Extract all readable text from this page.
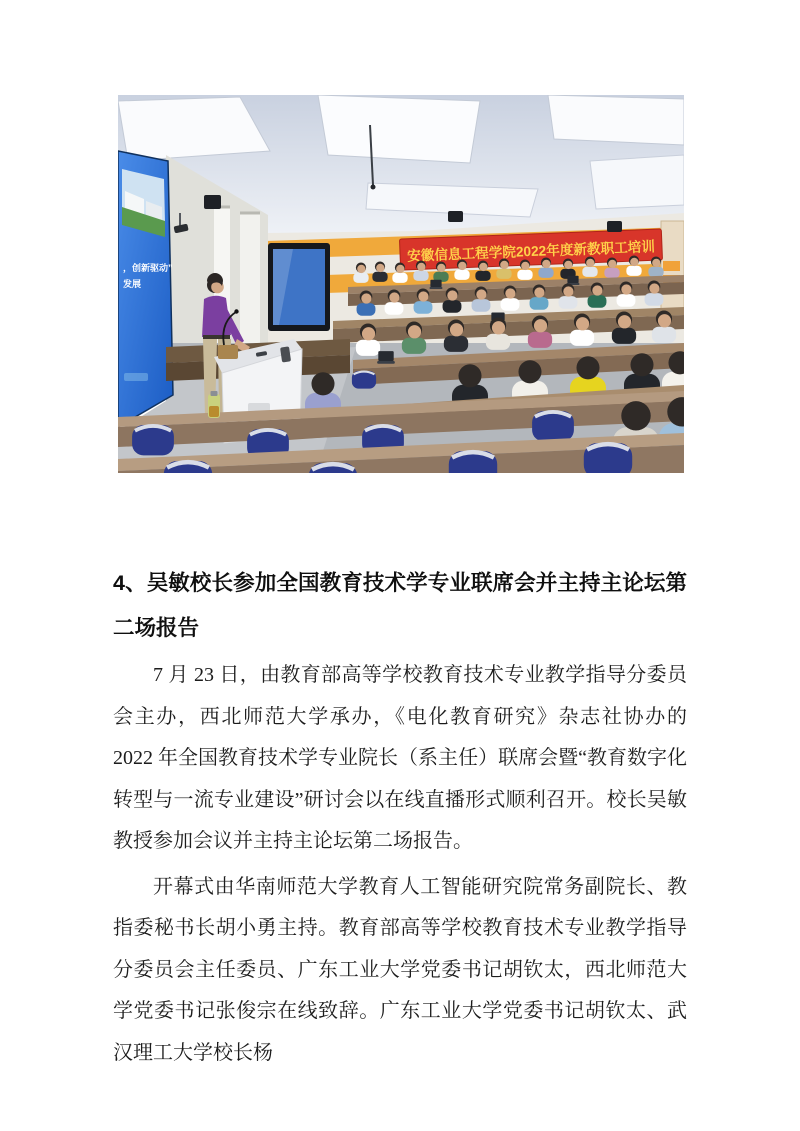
安徽信息工程学院2022年度新教职工培训
，创新驱动”
发展
4、吴敏校长参加全国教育技术学专业联席会并主持主论坛第二场报告

7 月 23 日，由教育部高等学校教育技术专业教学指导分委员会主办，西北师范大学承办，《电化教育研究》杂志社协办的 2022 年全国教育技术学专业院长（系主任）联席会暨“教育数字化转型与一流专业建设”研讨会以在线直播形式顺利召开。校长吴敏教授参加会议并主持主论坛第二场报告。

开幕式由华南师范大学教育人工智能研究院常务副院长、教指委秘书长胡小勇主持。教育部高等学校教育技术专业教学指导分委员会主任委员、广东工业大学党委书记胡钦太，西北师范大学党委书记张俊宗在线致辞。广东工业大学党委书记胡钦太、武汉理工大学校长杨
